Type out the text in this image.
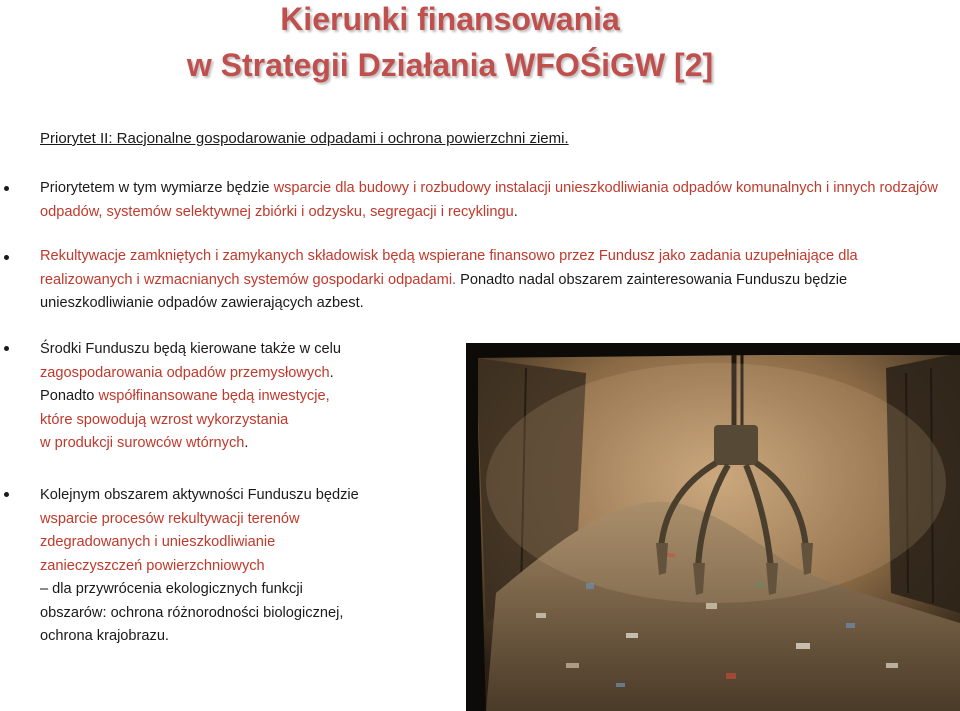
Kierunki finansowania
w Strategii Działania WFOŚiGW [2]
Priorytet II: Racjonalne gospodarowanie odpadami i ochrona powierzchni ziemi.
Priorytetem w tym wymiarze będzie wsparcie dla budowy i rozbudowy instalacji unieszkodliwiania odpadów komunalnych i innych rodzajów odpadów, systemów selektywnej zbiórki i odzysku, segregacji i recyklingu.
Rekultywacje zamkniętych i zamykanych składowisk będą wspierane finansowo przez Fundusz jako zadania uzupełniające dla realizowanych i wzmacnianych systemów gospodarki odpadami. Ponadto nadal obszarem zainteresowania Funduszu będzie unieszkodliwianie odpadów zawierających azbest.
Środki Funduszu będą kierowane także w celu
zagospodarowania odpadów przemysłowych.
Ponadto współfinansowane będą inwestycje,
które spowodują wzrost wykorzystania
w produkcji surowców wtórnych.
Kolejnym obszarem aktywności Funduszu będzie
wsparcie procesów rekultywacji terenów
zdegradowanych i unieszkodliwianie
zanieczyszczeń powierzchniowych
– dla przywrócenia ekologicznych funkcji
obszarów: ochrona różnorodności biologicznej,
ochrona krajobrazu.
